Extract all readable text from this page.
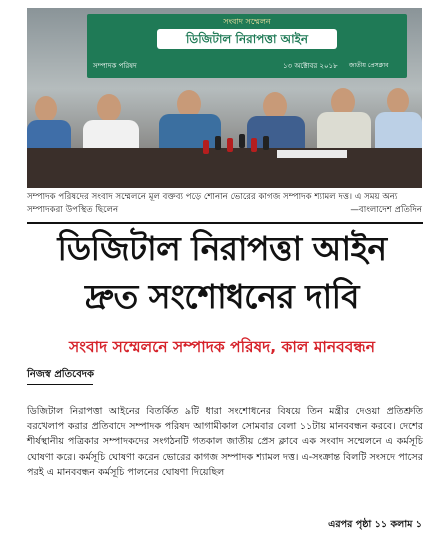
সংবাদ সম্মেলন
ডিজিটাল নিরাপত্তা আইন
সম্পাদক পরিষদ	১৩ অক্টোবর ২০১৮ জাতীয় প্রেসক্লাব
সম্পাদক পরিষদের সংবাদ সম্মেলনে মূল বক্তব্য পড়ে শোনান ভোরের কাগজ সম্পাদক শ্যামল দত্ত। এ সময় অন্য সম্পাদকরা উপস্থিত ছিলেন	—বাংলাদেশ প্রতিদিন
ডিজিটাল নিরাপত্তা আইন
দ্রুত সংশোধনের দাবি
সংবাদ সম্মেলনে সম্পাদক পরিষদ, কাল মানববন্ধন
নিজস্ব প্রতিবেদক
ডিজিটাল নিরাপত্তা আইনের বিতর্কিত ৯টি ধারা সংশোধনের বিষয়ে তিন মন্ত্রীর দেওয়া প্রতিশ্রুতি বরখেলাপ করার প্রতিবাদে সম্পাদক পরিষদ আগামীকাল সোমবার বেলা ১১টায় মানববন্ধন করবে। দেশের শীর্ষস্থানীয় পত্রিকার সম্পাদকদের সংগঠনটি গতকাল জাতীয় প্রেস ক্লাবে এক সংবাদ সম্মেলনে এ কর্মসূচি ঘোষণা করে। কর্মসূচি ঘোষণা করেন ভোরের কাগজ সম্পাদক শ্যামল দত্ত। এ-সংক্রান্ত বিলটি সংসদে পাসের পরই এ মানববন্ধন কর্মসূচি পালনের ঘোষণা দিয়েছিল
এরপর পৃষ্ঠা ১১ কলাম ১
